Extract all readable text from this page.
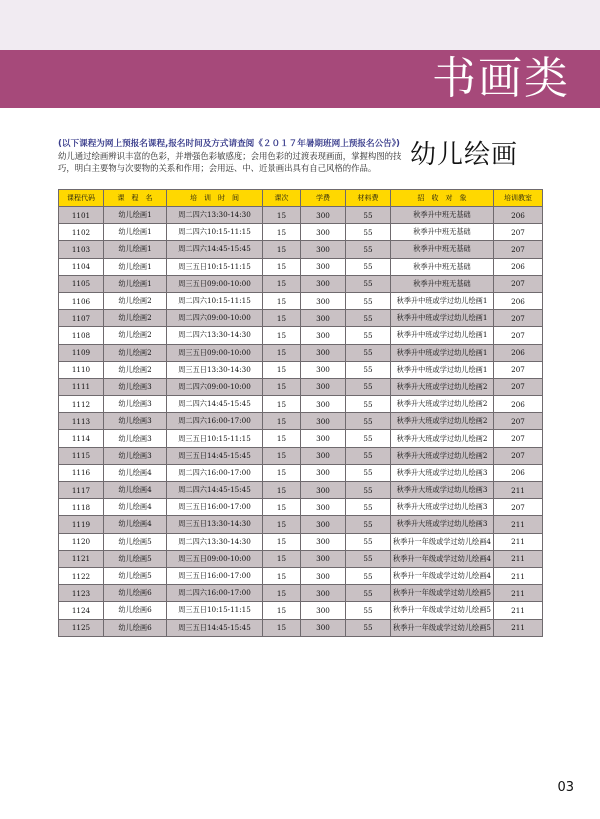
书画类
(以下课程为网上预报名课程,报名时间及方式请查阅《２０１７年暑期班网上预报名公告》)
幼儿通过绘画辨识丰富的色彩，并增强色彩敏感度；会用色彩的过渡表现画面，掌握构图的技巧，明白主要物与次要物的关系和作用；会用远、中、近景画出具有自己风格的作品。	幼儿绘画
课程代码	课　程　名	培　训　时　间	课次	学费	材料费	招　收　对　象	培训教室
1101	幼儿绘画1	周二四六13:30-14:30	15	300	55	秋季升中班无基础	206
1102	幼儿绘画1	周二四六10:15-11:15	15	300	55	秋季升中班无基础	207
1103	幼儿绘画1	周二四六14:45-15:45	15	300	55	秋季升中班无基础	207
1104	幼儿绘画1	周三五日10:15-11:15	15	300	55	秋季升中班无基础	206
1105	幼儿绘画1	周三五日09:00-10:00	15	300	55	秋季升中班无基础	207
1106	幼儿绘画2	周二四六10:15-11:15	15	300	55	秋季升中班或学过幼儿绘画1	206
1107	幼儿绘画2	周二四六09:00-10:00	15	300	55	秋季升中班或学过幼儿绘画1	207
1108	幼儿绘画2	周二四六13:30-14:30	15	300	55	秋季升中班或学过幼儿绘画1	207
1109	幼儿绘画2	周三五日09:00-10:00	15	300	55	秋季升中班或学过幼儿绘画1	206
1110	幼儿绘画2	周三五日13:30-14:30	15	300	55	秋季升中班或学过幼儿绘画1	207
1111	幼儿绘画3	周二四六09:00-10:00	15	300	55	秋季升大班或学过幼儿绘画2	207
1112	幼儿绘画3	周二四六14:45-15:45	15	300	55	秋季升大班或学过幼儿绘画2	206
1113	幼儿绘画3	周二四六16:00-17:00	15	300	55	秋季升大班或学过幼儿绘画2	207
1114	幼儿绘画3	周三五日10:15-11:15	15	300	55	秋季升大班或学过幼儿绘画2	207
1115	幼儿绘画3	周三五日14:45-15:45	15	300	55	秋季升大班或学过幼儿绘画2	207
1116	幼儿绘画4	周二四六16:00-17:00	15	300	55	秋季升大班或学过幼儿绘画3	206
1117	幼儿绘画4	周二四六14:45-15:45	15	300	55	秋季升大班或学过幼儿绘画3	211
1118	幼儿绘画4	周三五日16:00-17:00	15	300	55	秋季升大班或学过幼儿绘画3	207
1119	幼儿绘画4	周三五日13:30-14:30	15	300	55	秋季升大班或学过幼儿绘画3	211
1120	幼儿绘画5	周二四六13:30-14:30	15	300	55	秋季升一年级或学过幼儿绘画4	211
1121	幼儿绘画5	周三五日09:00-10:00	15	300	55	秋季升一年级或学过幼儿绘画4	211
1122	幼儿绘画5	周三五日16:00-17:00	15	300	55	秋季升一年级或学过幼儿绘画4	211
1123	幼儿绘画6	周二四六16:00-17:00	15	300	55	秋季升一年级或学过幼儿绘画5	211
1124	幼儿绘画6	周三五日10:15-11:15	15	300	55	秋季升一年级或学过幼儿绘画5	211
1125	幼儿绘画6	周三五日14:45-15:45	15	300	55	秋季升一年级或学过幼儿绘画5	211
03
